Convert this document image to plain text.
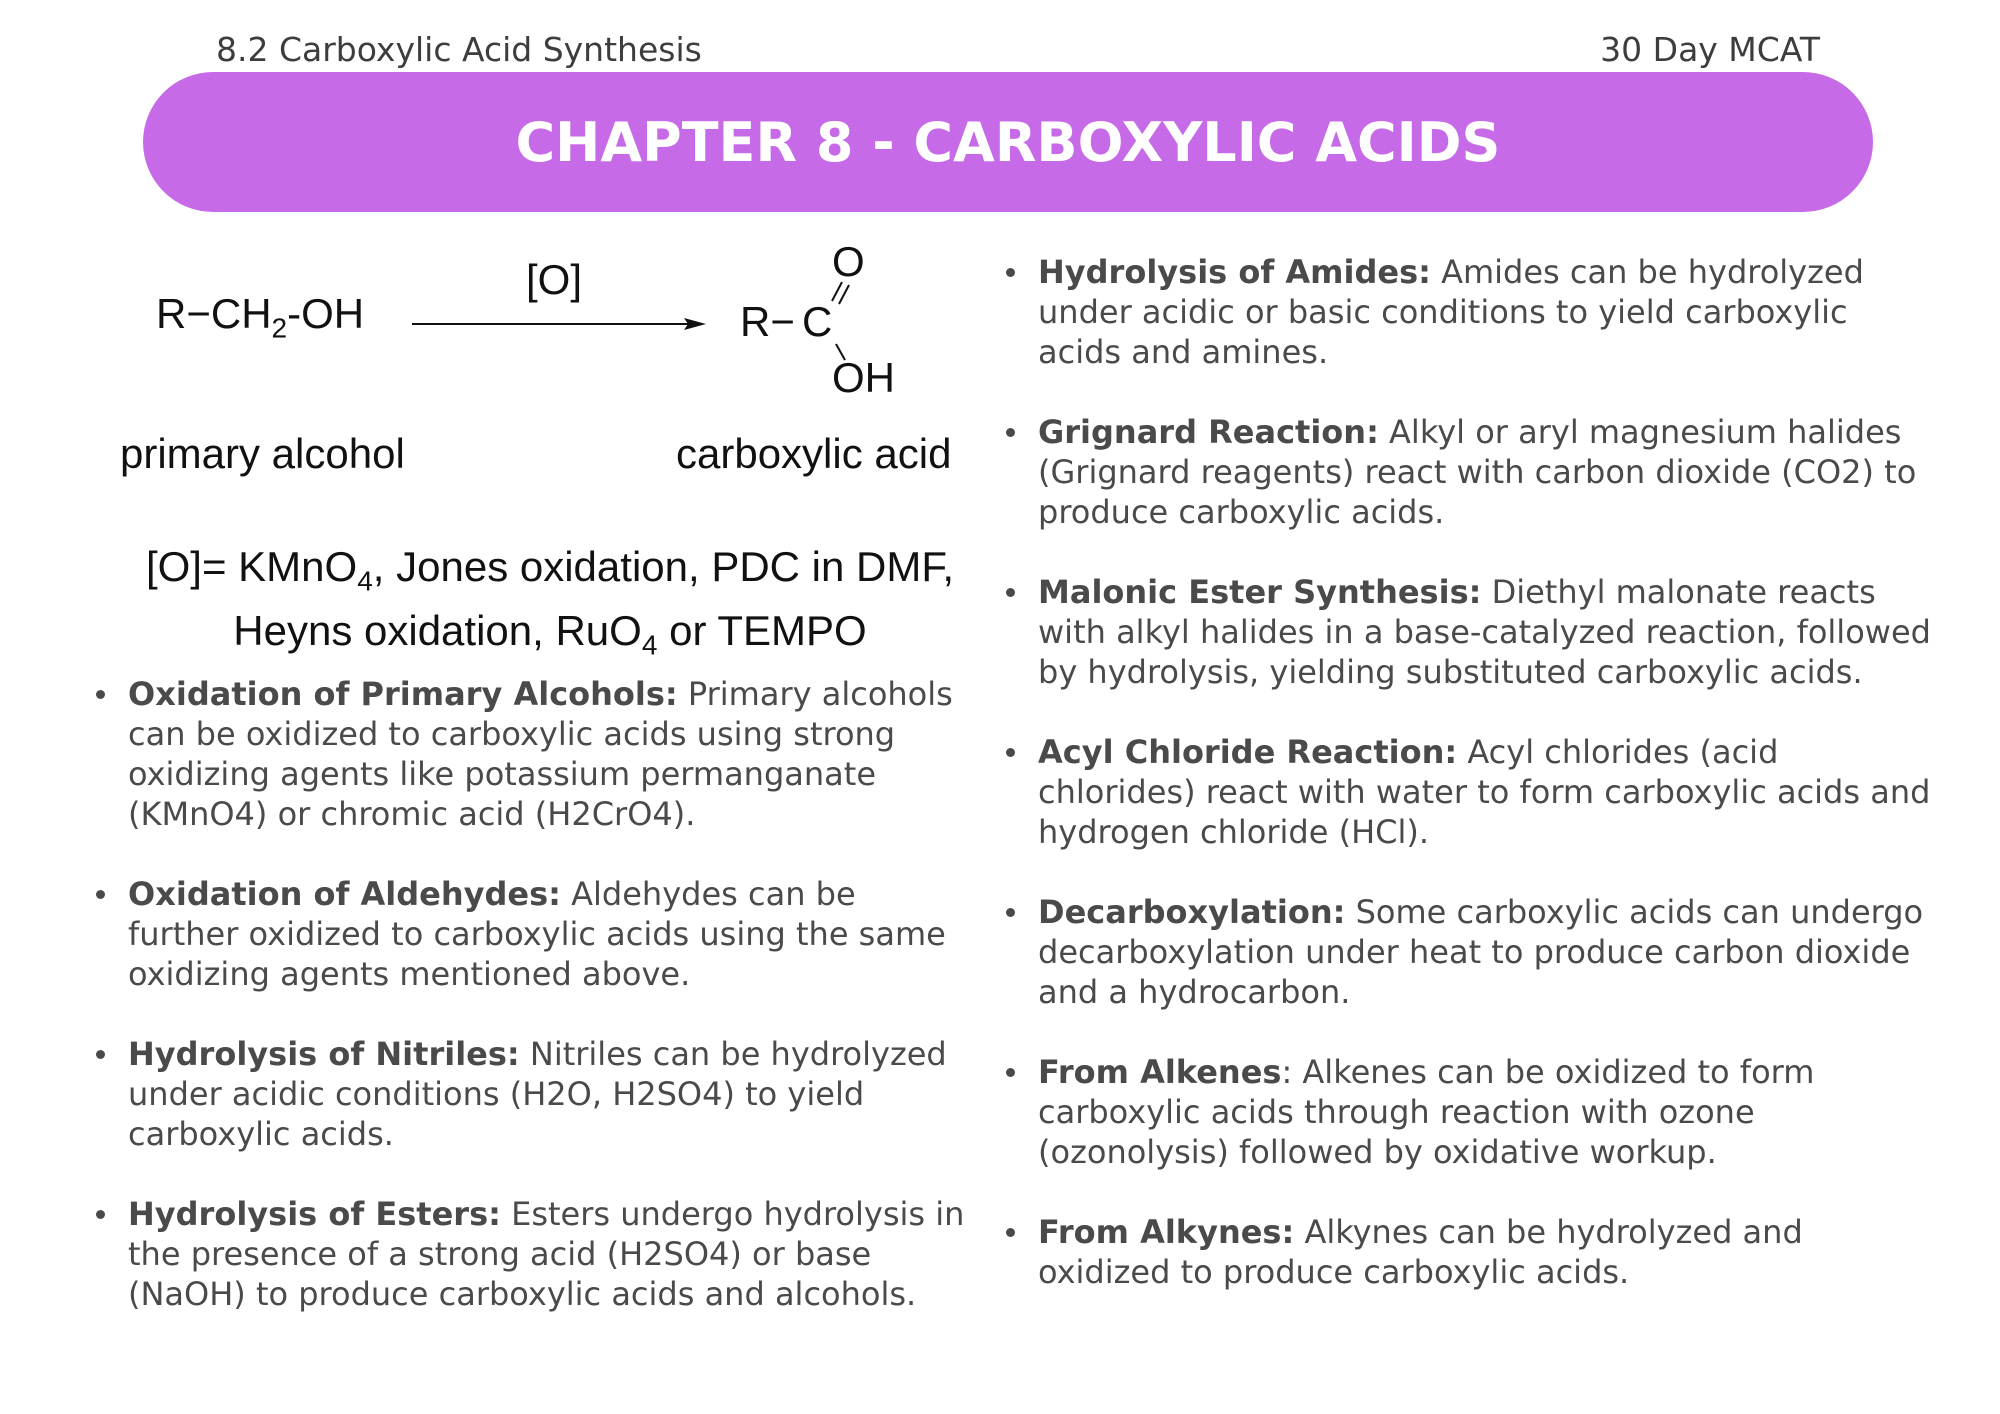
8.2 Carboxylic Acid Synthesis	30 Day MCAT
CHAPTER 8 - CARBOXYLIC ACIDS
$R-CH_2-OH$
[O]
R− C
O
OH
primary alcohol	carboxylic acid
[O]= KMnO$_4$, Jones oxidation, PDC in DMF,
Heyns oxidation, RuO$_4$ or TEMPO
Oxidation of Primary Alcohols: Primary alcohols can be oxidized to carboxylic acids using strong oxidizing agents like potassium permanganate (KMnO4) or chromic acid (H2CrO4).
Oxidation of Aldehydes: Aldehydes can be further oxidized to carboxylic acids using the same oxidizing agents mentioned above.
Hydrolysis of Nitriles: Nitriles can be hydrolyzed under acidic conditions (H2O, H2SO4) to yield carboxylic acids.
Hydrolysis of Esters: Esters undergo hydrolysis in the presence of a strong acid (H2SO4) or base (NaOH) to produce carboxylic acids and alcohols.
Hydrolysis of Amides: Amides can be hydrolyzed under acidic or basic conditions to yield carboxylic acids and amines.
Grignard Reaction: Alkyl or aryl magnesium halides (Grignard reagents) react with carbon dioxide (CO2) to produce carboxylic acids.
Malonic Ester Synthesis: Diethyl malonate reacts with alkyl halides in a base-catalyzed reaction, followed by hydrolysis, yielding substituted carboxylic acids.
Acyl Chloride Reaction: Acyl chlorides (acid chlorides) react with water to form carboxylic acids and hydrogen chloride (HCl).
Decarboxylation: Some carboxylic acids can undergo decarboxylation under heat to produce carbon dioxide and a hydrocarbon.
From Alkenes: Alkenes can be oxidized to form carboxylic acids through reaction with ozone (ozonolysis) followed by oxidative workup.
From Alkynes: Alkynes can be hydrolyzed and oxidized to produce carboxylic acids.
